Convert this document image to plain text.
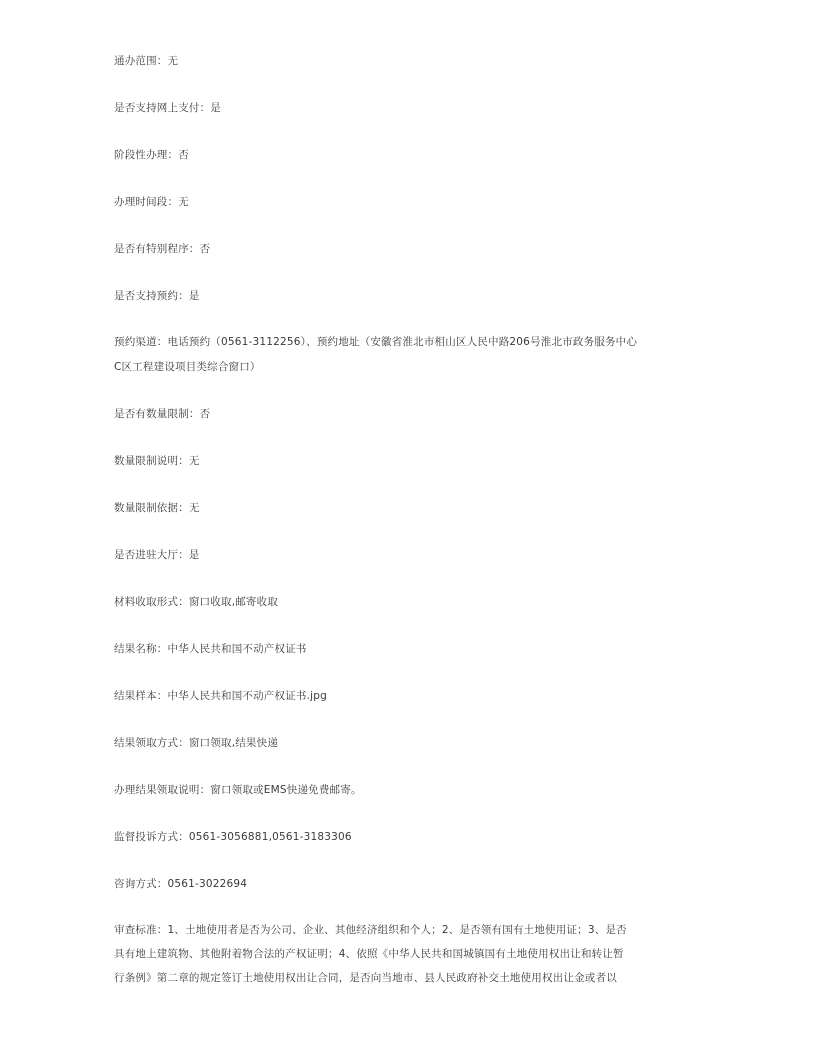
通办范围：无
是否支持网上支付：是
阶段性办理：否
办理时间段：无
是否有特别程序：否
是否支持预约：是
预约渠道：电话预约（0561-3112256）、预约地址（安徽省淮北市相山区人民中路206号淮北市政务服务中心
C区工程建设项目类综合窗口）
是否有数量限制：否
数量限制说明：无
数量限制依据：无
是否进驻大厅：是
材料收取形式：窗口收取,邮寄收取
结果名称：中华人民共和国不动产权证书
结果样本：中华人民共和国不动产权证书.jpg
结果领取方式：窗口领取,结果快递
办理结果领取说明：窗口领取或EMS快递免费邮寄。
监督投诉方式：0561-3056881,0561-3183306
咨询方式：0561-3022694
审查标准：1、土地使用者是否为公司、企业、其他经济组织和个人；2、是否领有国有土地使用证；3、是否
具有地上建筑物、其他附着物合法的产权证明；4、依照《中华人民共和国城镇国有土地使用权出让和转让暂
行条例》第二章的规定签订土地使用权出让合同，是否向当地市、县人民政府补交土地使用权出让金或者以
